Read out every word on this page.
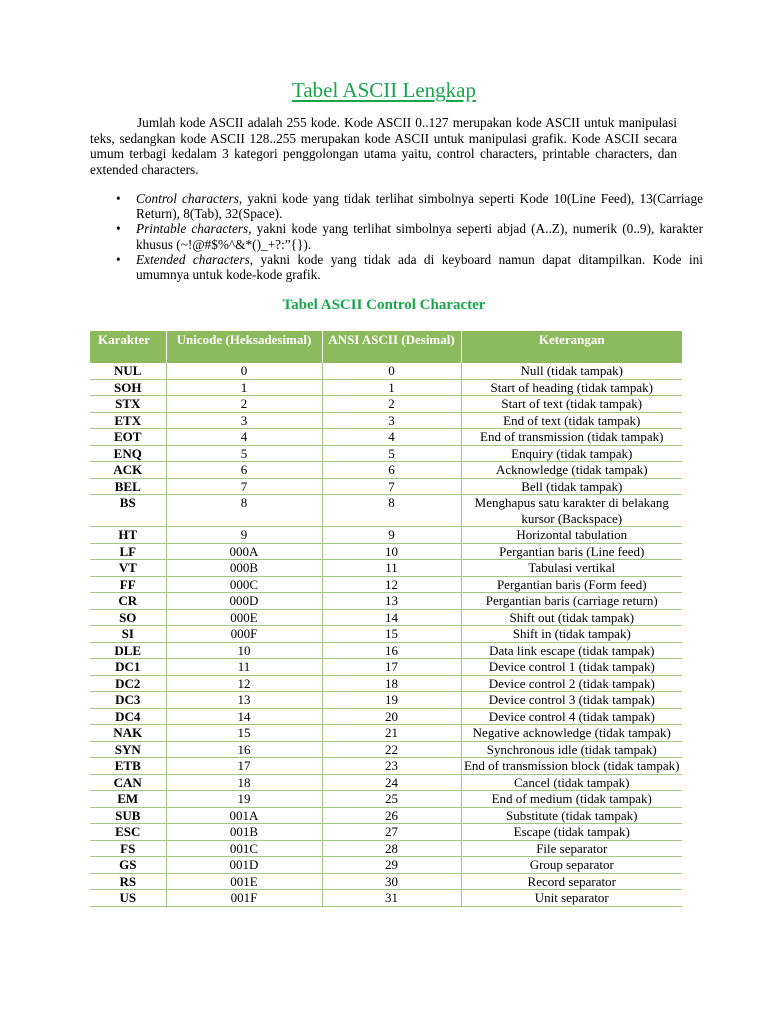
Tabel ASCII Lengkap

Jumlah kode ASCII adalah 255 kode. Kode ASCII 0..127 merupakan kode ASCII untuk manipulasi teks, sedangkan kode ASCII 128..255 merupakan kode ASCII untuk manipulasi grafik. Kode ASCII secara umum terbagi kedalam 3 kategori penggolongan utama yaitu, control characters, printable characters, dan extended characters.

• Control characters, yakni kode yang tidak terlihat simbolnya seperti Kode 10(Line Feed), 13(Carriage Return), 8(Tab), 32(Space).
• Printable characters, yakni kode yang terlihat simbolnya seperti abjad (A..Z), numerik (0..9), karakter khusus (~!@#$%^&*()_+?:”{}).
• Extended characters, yakni kode yang tidak ada di keyboard namun dapat ditampilkan. Kode ini umumnya untuk kode-kode grafik.
Tabel ASCII Control Character
Karakter	Unicode (Heksadesimal)	ANSI ASCII (Desimal)	Keterangan
NUL	0	0	Null (tidak tampak)
SOH	1	1	Start of heading (tidak tampak)
STX	2	2	Start of text (tidak tampak)
ETX	3	3	End of text (tidak tampak)
EOT	4	4	End of transmission (tidak tampak)
ENQ	5	5	Enquiry (tidak tampak)
ACK	6	6	Acknowledge (tidak tampak)
BEL	7	7	Bell (tidak tampak)
BS	8	8	Menghapus satu karakter di belakang kursor (Backspace)
HT	9	9	Horizontal tabulation
LF	000A	10	Pergantian baris (Line feed)
VT	000B	11	Tabulasi vertikal
FF	000C	12	Pergantian baris (Form feed)
CR	000D	13	Pergantian baris (carriage return)
SO	000E	14	Shift out (tidak tampak)
SI	000F	15	Shift in (tidak tampak)
DLE	10	16	Data link escape (tidak tampak)
DC1	11	17	Device control 1 (tidak tampak)
DC2	12	18	Device control 2 (tidak tampak)
DC3	13	19	Device control 3 (tidak tampak)
DC4	14	20	Device control 4 (tidak tampak)
NAK	15	21	Negative acknowledge (tidak tampak)
SYN	16	22	Synchronous idle (tidak tampak)
ETB	17	23	End of transmission block (tidak tampak)
CAN	18	24	Cancel (tidak tampak)
EM	19	25	End of medium (tidak tampak)
SUB	001A	26	Substitute (tidak tampak)
ESC	001B	27	Escape (tidak tampak)
FS	001C	28	File separator
GS	001D	29	Group separator
RS	001E	30	Record separator
US	001F	31	Unit separator
